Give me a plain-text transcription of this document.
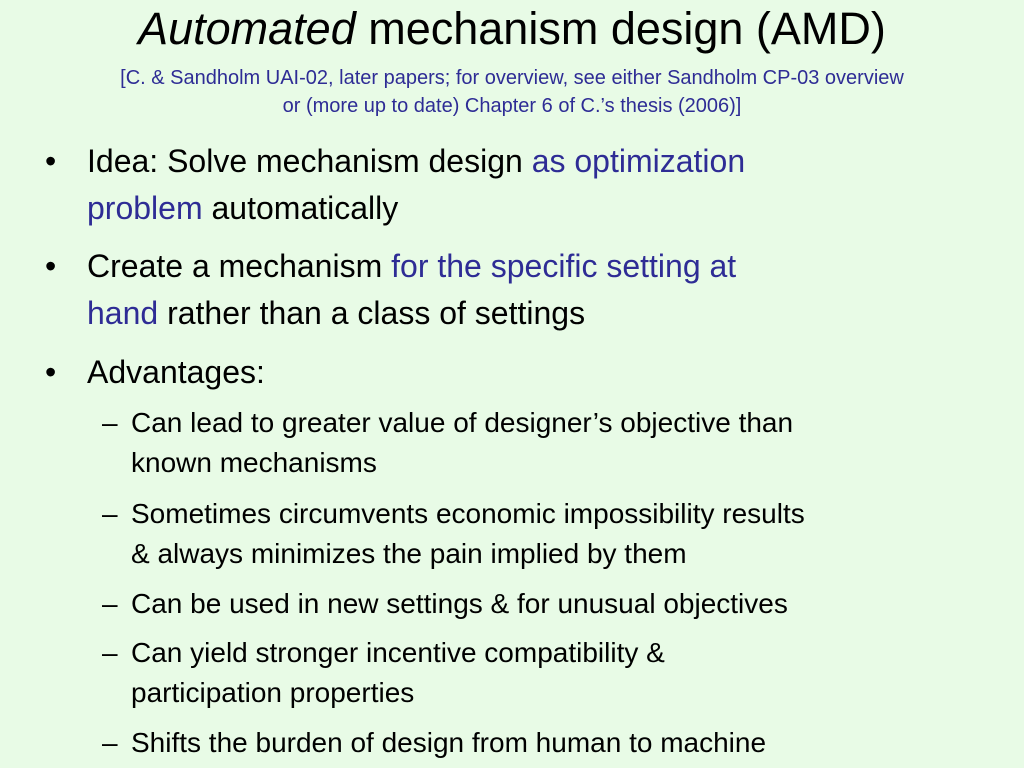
Automated mechanism design (AMD)
[C. & Sandholm UAI-02, later papers; for overview, see either Sandholm CP-03 overview
or (more up to date) Chapter 6 of C.’s thesis (2006)]
• Idea: Solve mechanism design as optimization
problem automatically
• Create a mechanism for the specific setting at
hand rather than a class of settings
• Advantages:
– Can lead to greater value of designer’s objective than
known mechanisms
– Sometimes circumvents economic impossibility results
& always minimizes the pain implied by them
– Can be used in new settings & for unusual objectives
– Can yield stronger incentive compatibility &
participation properties
– Shifts the burden of design from human to machine
